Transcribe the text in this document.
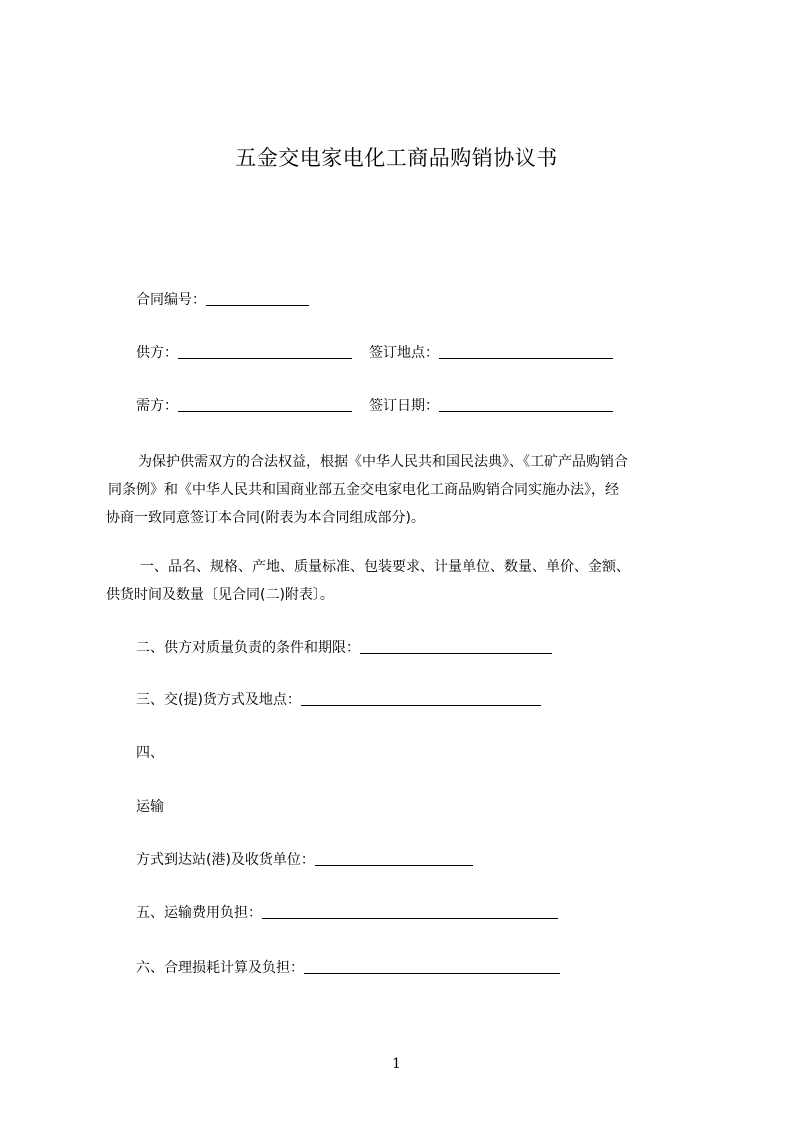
五金交电家电化工商品购销协议书
合同编号：
供方：	签订地点：
需方：	签订日期：

为保护供需双方的合法权益，根据《中华人民共和国民法典》、《工矿产品购销合

同条例》和《中华人民共和国商业部五金交电家电化工商品购销合同实施办法》，经

协商一致同意签订本合同(附表为本合同组成部分)。

一、品名、规格、产地、质量标准、包装要求、计量单位、数量、单价、金额、

供货时间及数量〔见合同(二)附表〕。

二、供方对质量负责的条件和期限：
三、交(提)货方式及地点：
四、
运输
方式到达站(港)及收货单位：
五、运输费用负担：
六、合理损耗计算及负担：
1
